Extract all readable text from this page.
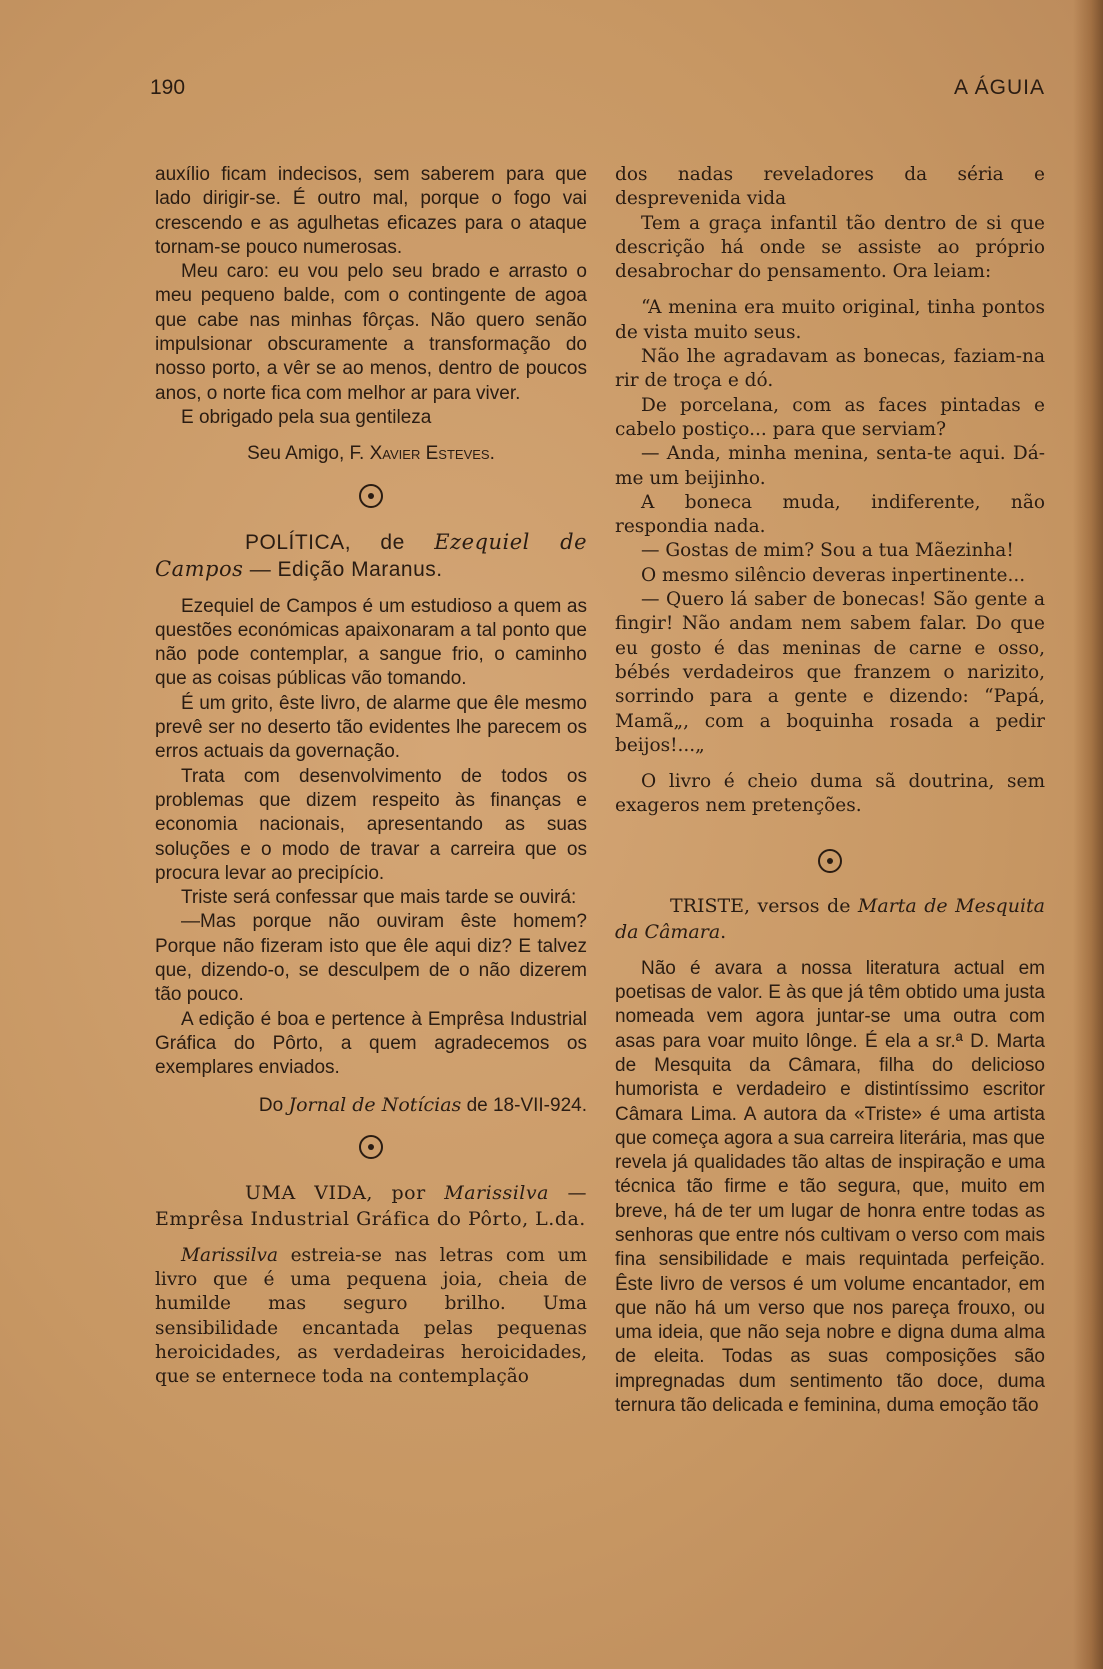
190	A ÁGUIA

auxílio ficam indecisos, sem saberem para que lado dirigir-se. É outro mal, porque o fogo vai crescendo e as agulhetas eficazes para o ataque tornam-se pouco numerosas.

Meu caro: eu vou pelo seu brado e arrasto o meu pequeno balde, com o contingente de agoa que cabe nas minhas fôrças. Não quero senão impulsionar obscuramente a transformação do nosso porto, a vêr se ao menos, dentro de poucos anos, o norte fica com melhor ar para viver.

E obrigado pela sua gentileza

Seu Amigo, F. Xavier Esteves.

POLÍTICA, de Ezequiel de Campos — Edição Maranus.

Ezequiel de Campos é um estudioso a quem as questões económicas apaixonaram a tal ponto que não pode contemplar, a sangue frio, o caminho que as coisas públicas vão tomando.

É um grito, êste livro, de alarme que êle mesmo prevê ser no deserto tão evidentes lhe parecem os erros actuais da governação.

Trata com desenvolvimento de todos os problemas que dizem respeito às finanças e economia nacionais, apresentando as suas soluções e o modo de travar a carreira que os procura levar ao precipício.

Triste será confessar que mais tarde se ouvirá:

—Mas porque não ouviram êste homem? Porque não fizeram isto que êle aqui diz? E talvez que, dizendo-o, se desculpem de o não dizerem tão pouco.

A edição é boa e pertence à Emprêsa Industrial Gráfica do Pôrto, a quem agradecemos os exemplares enviados.

Do Jornal de Notícias de 18-VII-924.

UMA VIDA, por Marissilva — Emprêsa Industrial Gráfica do Pôrto, L.da.

Marissilva estreia-se nas letras com um livro que é uma pequena joia, cheia de humilde mas seguro brilho. Uma sensibilidade encantada pelas pequenas heroicidades, as verdadeiras heroicidades, que se enternece toda na contemplação

dos nadas reveladores da séria e desprevenida vida

Tem a graça infantil tão dentro de si que descrição há onde se assiste ao próprio desabrochar do pensamento. Ora leiam:

“A menina era muito original, tinha pontos de vista muito seus.

Não lhe agradavam as bonecas, faziam-na rir de troça e dó.

De porcelana, com as faces pintadas e cabelo postiço... para que serviam?

— Anda, minha menina, senta-te aqui. Dá-me um beijinho.

A boneca muda, indiferente, não respondia nada.

— Gostas de mim? Sou a tua Mãezinha!

O mesmo silêncio deveras inpertinente...

— Quero lá saber de bonecas! São gente a fingir! Não andam nem sabem falar. Do que eu gosto é das meninas de carne e osso, bébés verdadeiros que franzem o narizito, sorrindo para a gente e dizendo: “Papá, Mamã„, com a boquinha rosada a pedir beijos!...„

O livro é cheio duma sã doutrina, sem exageros nem pretenções.

TRISTE, versos de Marta de Mesquita da Câmara.

Não é avara a nossa literatura actual em poetisas de valor. E às que já têm obtido uma justa nomeada vem agora juntar-se uma outra com asas para voar muito lônge. É ela a sr.ª D. Marta de Mesquita da Câmara, filha do delicioso humorista e verdadeiro e distintíssimo escritor Câmara Lima. A autora da «Triste» é uma artista que começa agora a sua carreira literária, mas que revela já qualidades tão altas de inspiração e uma técnica tão firme e tão segura, que, muito em breve, há de ter um lugar de honra entre todas as senhoras que entre nós cultivam o verso com mais fina sensibilidade e mais requintada perfeição. Êste livro de versos é um volume encantador, em que não há um verso que nos pareça frouxo, ou uma ideia, que não seja nobre e digna duma alma de eleita. Todas as suas composições são impregnadas dum sentimento tão doce, duma ternura tão delicada e feminina, duma emoção tão
